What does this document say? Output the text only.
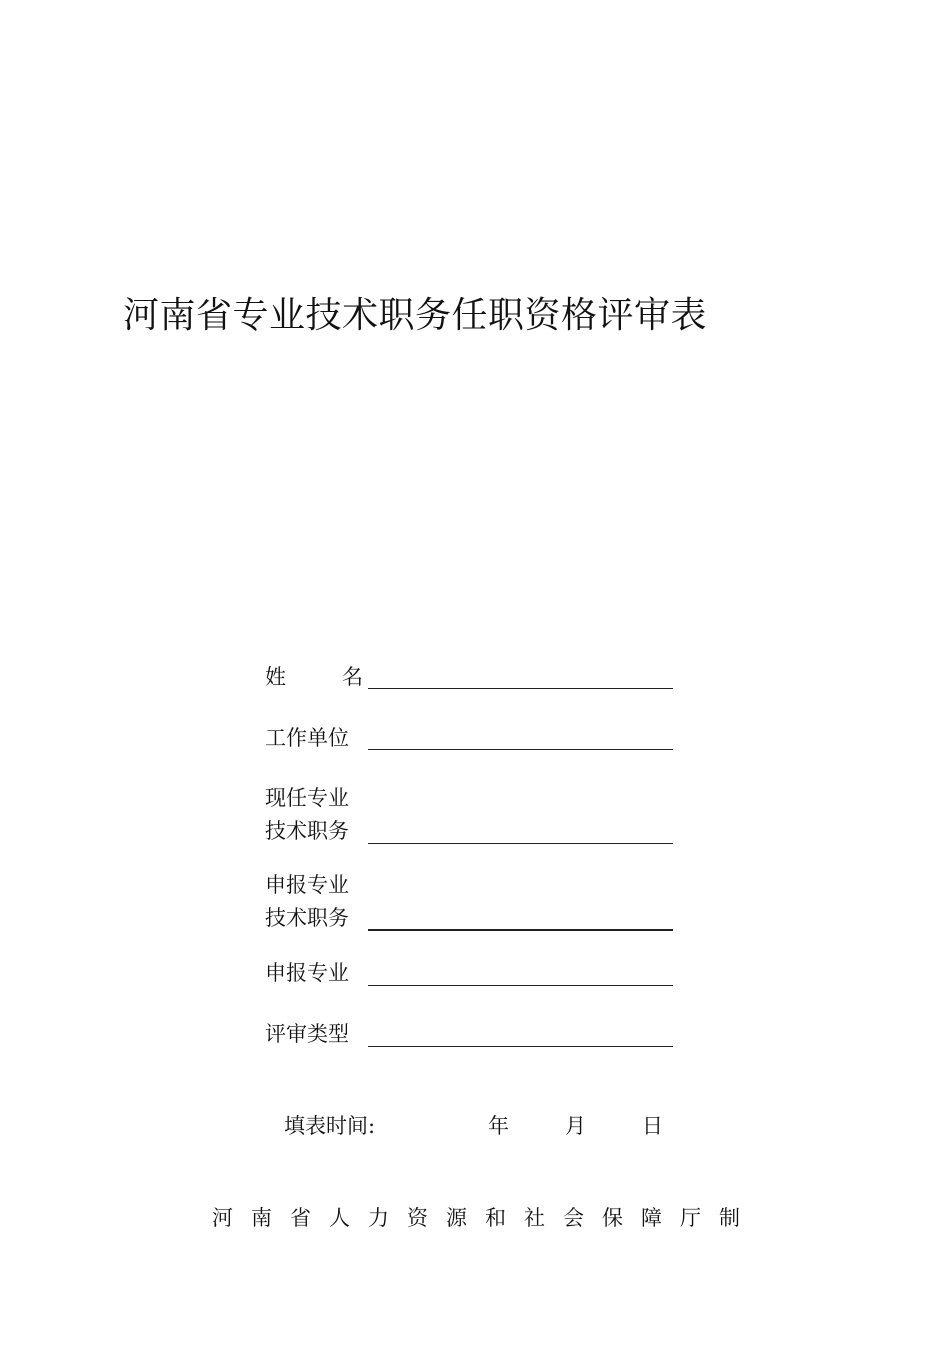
河南省专业技术职务任职资格评审表
姓	名
工作单位
现任专业
技术职务
申报专业
技术职务
申报专业
评审类型
填表时间:	年	月	日
河南省人力资源和社会保障厅制
